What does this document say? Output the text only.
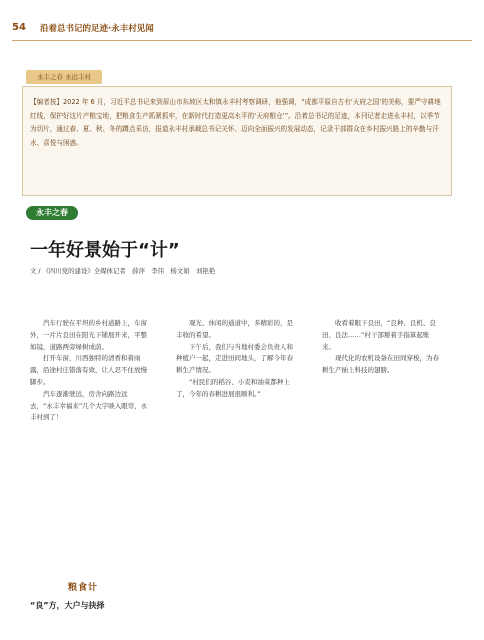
54 沿着总书记的足迹·永丰村见闻
永丰之春 永远丰村

【编者按】2022 年 6 月，习近平总书记来到眉山市东坡区太和镇永丰村考察调研，他强调，“成都平原自古有‘天府之国’的美称，要严守耕地红线，保护好这片产粮宝地，把粮食生产抓紧抓牢，在新时代打造更高水平的‘天府粮仓’”。沿着总书记的足迹，本刊记者走进永丰村，以季节为切片，通过春、夏、秋、冬的蹲点采访，报道永丰村承载总书记关怀、迈向全面振兴的发展动态，记录干部群众在乡村振兴路上的辛勤与汗水、喜悦与困惑。

永丰之春
一年好景始于“计”
文 / 《四川党的建设》全媒体记者　薛萍　李伟　杨文娟　刘艳艳

汽车行驶在平坦的乡村道路上，车窗外，一片片良田在阳光下铺展开来，平整如镜，道路两旁绿树成荫。

打开车窗，川西独特的清香和着雨露，沿途村庄错落有致，让人忍不住放慢脚步。

汽车逐渐驶远，房舍向路边远去，“永丰幸福来”几个大字映入眼帘，永丰村到了！

粮食计
“良”方，大户与抉择

观光、休闲的通道中，多精彩的，是丰收的希望。

下午后，我们与当地村委会负责人和种植户一起，走进田间地头，了解今年春耕生产情况。

“村民们的稻谷、小麦和油菜都种上了，今年的春耕进展很顺利。”

收看着眼下良田，“良种、良机、良田、良法……”村干部掰着手指算起账来。

现代化的农机设备在田间穿梭，为春耕生产插上科技的翅膀。
